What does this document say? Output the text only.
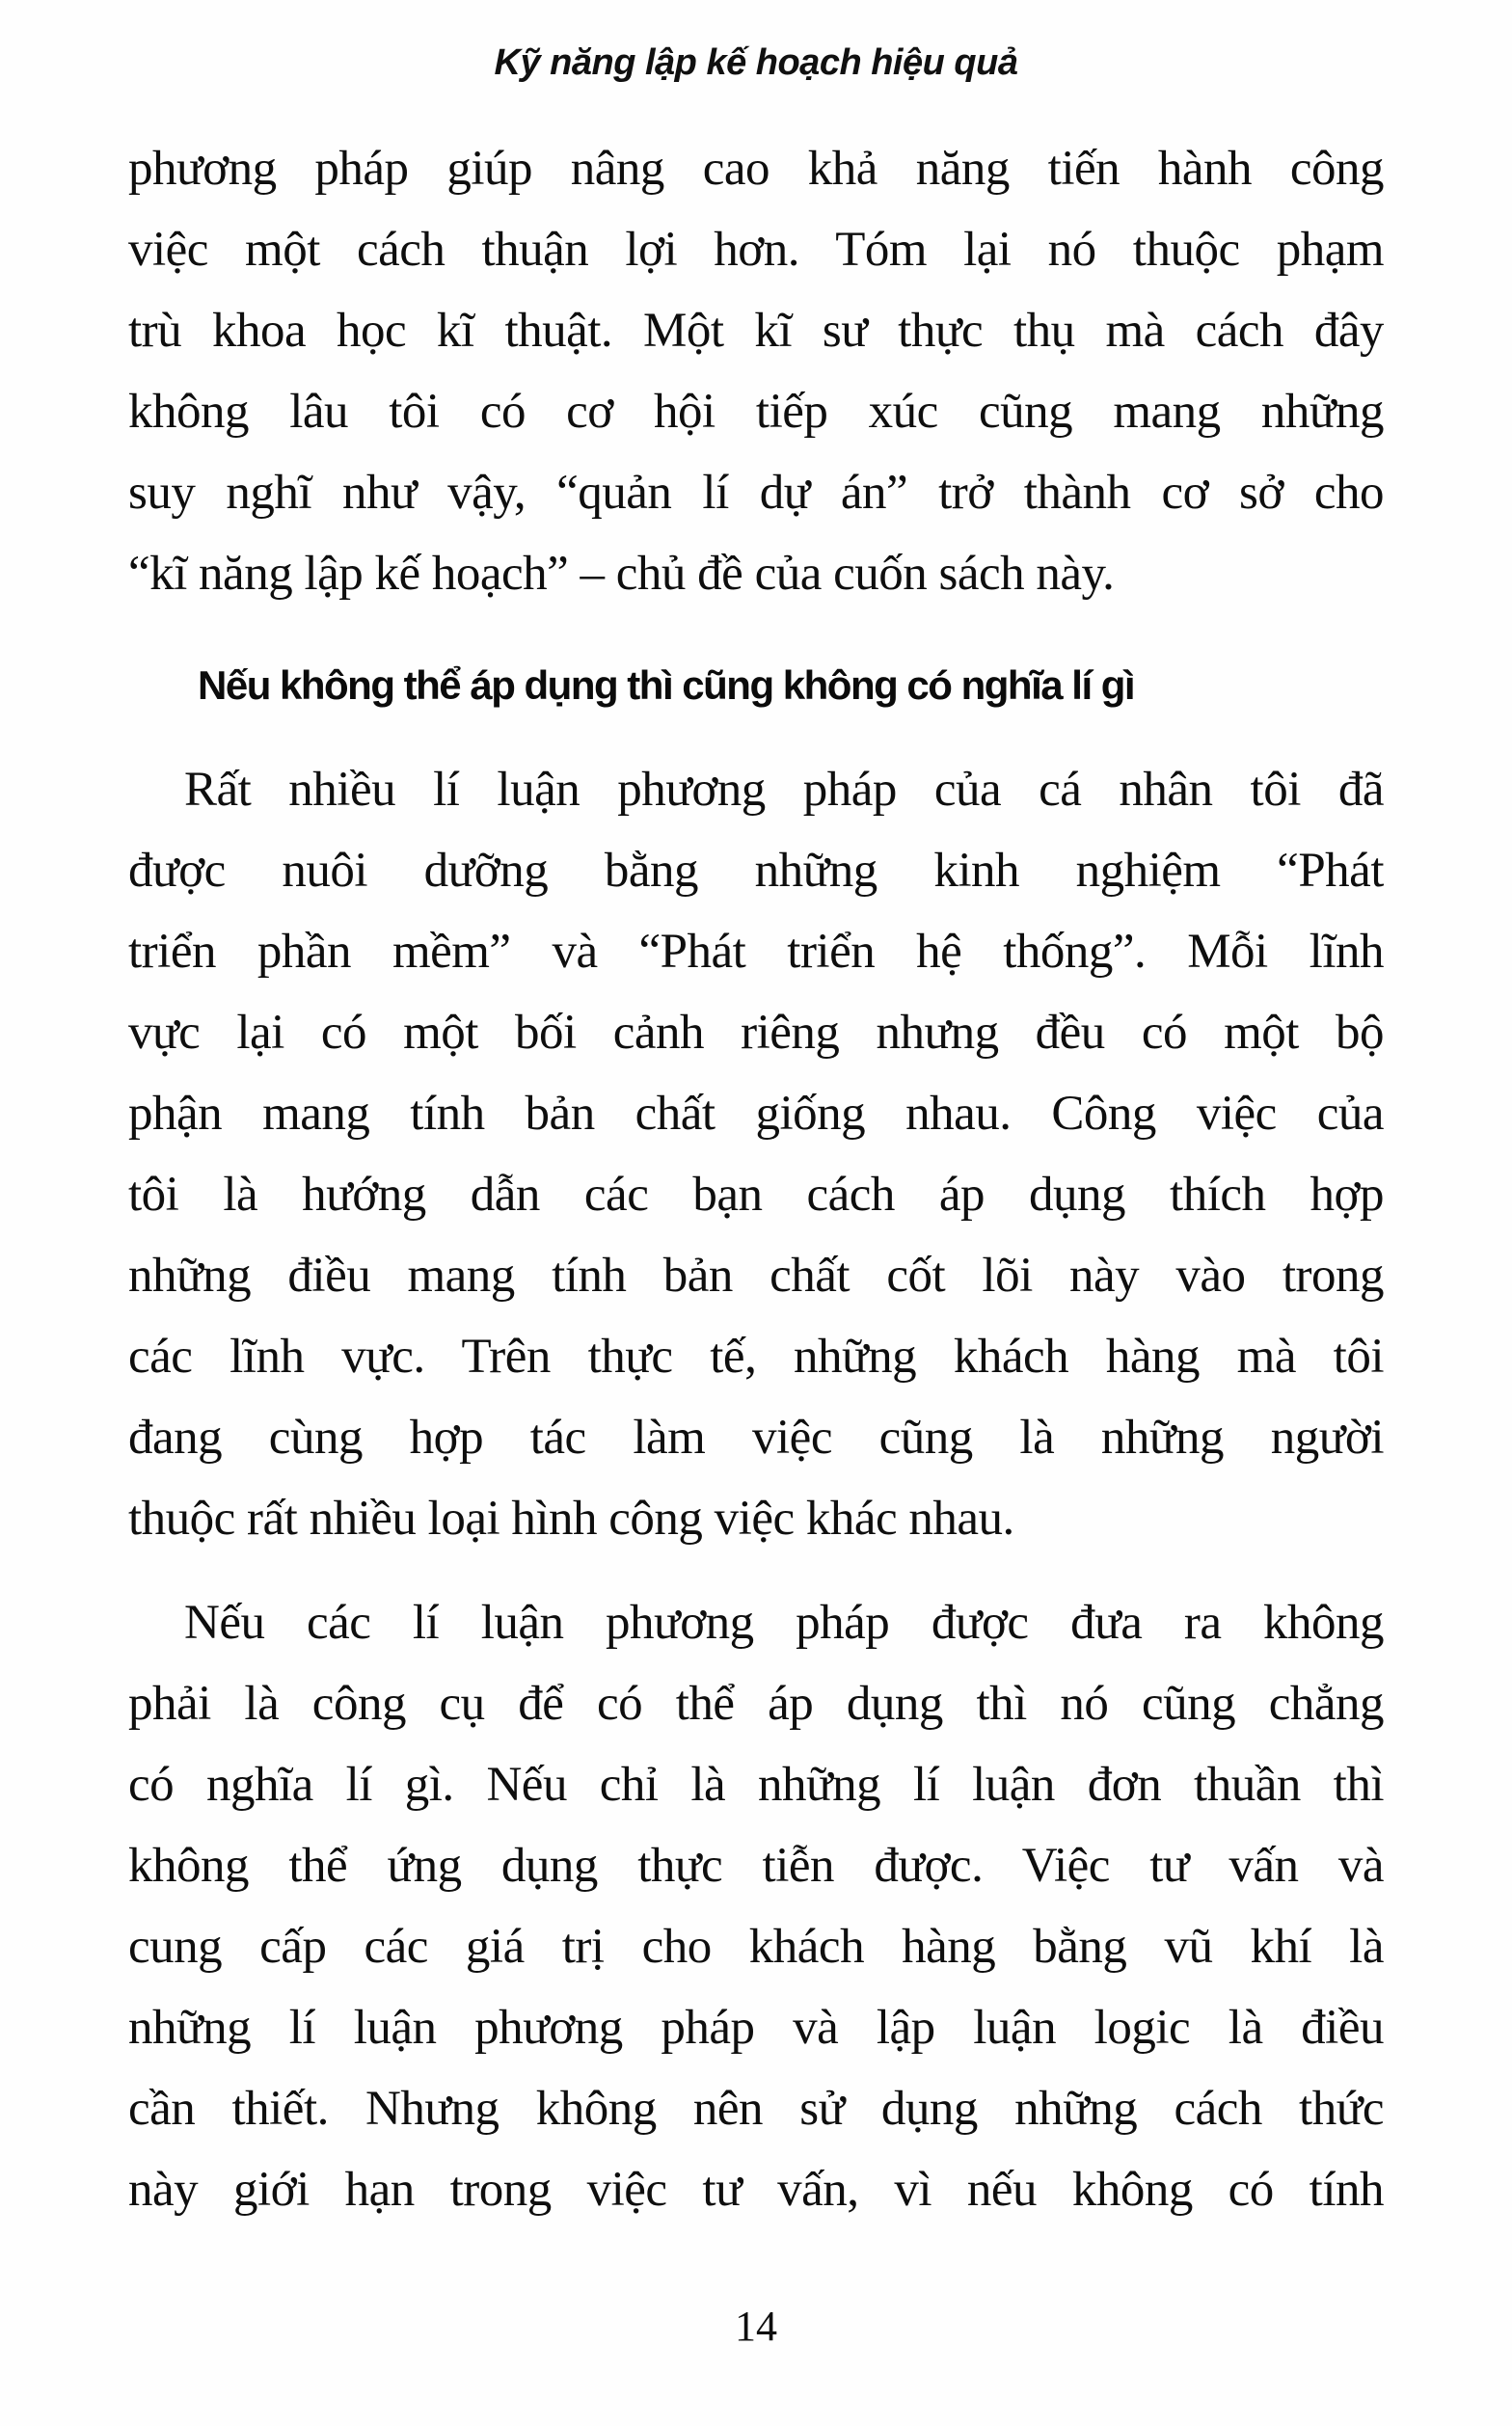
Kỹ năng lập kế hoạch hiệu quả
phương pháp giúp nâng cao khả năng tiến hành công
việc một cách thuận lợi hơn. Tóm lại nó thuộc phạm
trù khoa học kĩ thuật. Một kĩ sư thực thụ mà cách đây
không lâu tôi có cơ hội tiếp xúc cũng mang những
suy nghĩ như vậy, “quản lí dự án” trở thành cơ sở cho
“kĩ năng lập kế hoạch” – chủ đề của cuốn sách này.
Nếu không thể áp dụng thì cũng không có nghĩa lí gì
Rất nhiều lí luận phương pháp của cá nhân tôi đã
được nuôi dưỡng bằng những kinh nghiệm “Phát
triển phần mềm” và “Phát triển hệ thống”. Mỗi lĩnh
vực lại có một bối cảnh riêng nhưng đều có một bộ
phận mang tính bản chất giống nhau. Công việc của
tôi là hướng dẫn các bạn cách áp dụng thích hợp
những điều mang tính bản chất cốt lõi này vào trong
các lĩnh vực. Trên thực tế, những khách hàng mà tôi
đang cùng hợp tác làm việc cũng là những người
thuộc rất nhiều loại hình công việc khác nhau.
Nếu các lí luận phương pháp được đưa ra không
phải là công cụ để có thể áp dụng thì nó cũng chẳng
có nghĩa lí gì. Nếu chỉ là những lí luận đơn thuần thì
không thể ứng dụng thực tiễn được. Việc tư vấn và
cung cấp các giá trị cho khách hàng bằng vũ khí là
những lí luận phương pháp và lập luận logic là điều
cần thiết. Nhưng không nên sử dụng những cách thức
này giới hạn trong việc tư vấn, vì nếu không có tính
14
